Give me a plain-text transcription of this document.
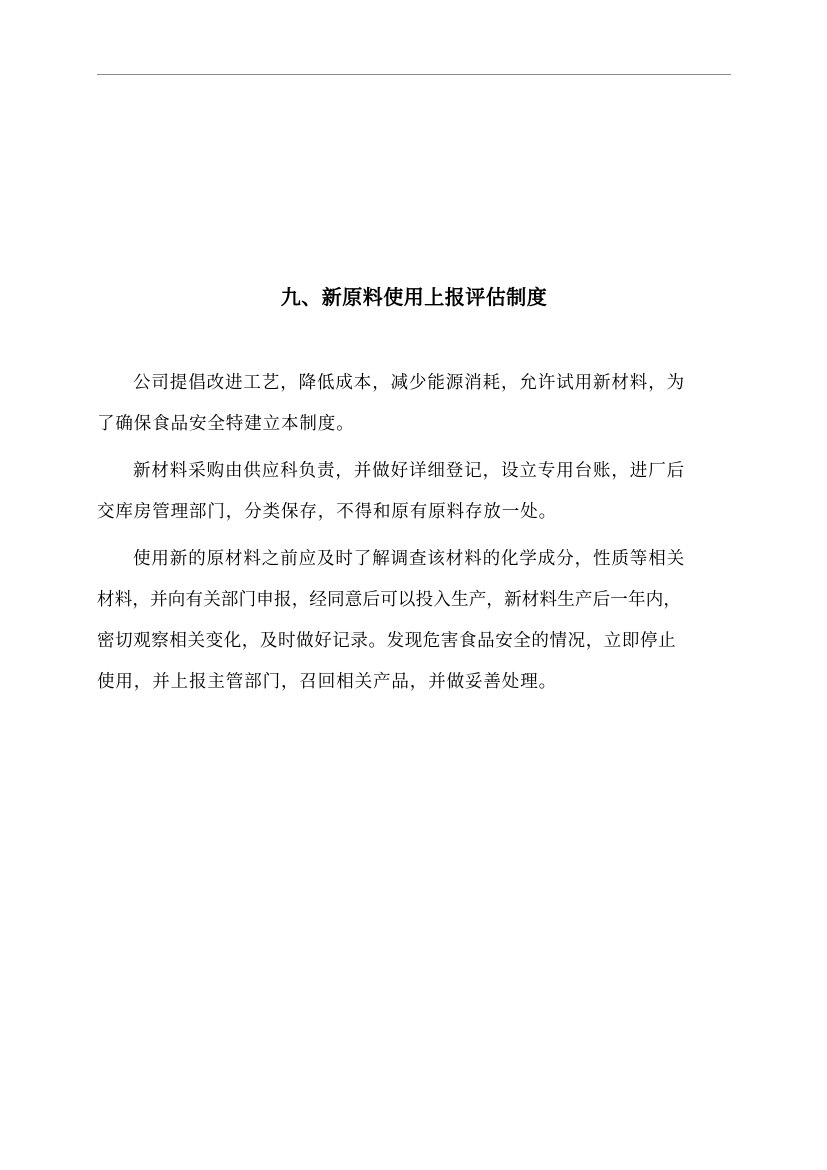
九、新原料使用上报评估制度
公司提倡改进工艺，降低成本，减少能源消耗，允许试用新材料，为
了确保食品安全特建立本制度。
新材料采购由供应科负责，并做好详细登记，设立专用台账，进厂后
交库房管理部门，分类保存，不得和原有原料存放一处。
使用新的原材料之前应及时了解调查该材料的化学成分，性质等相关
材料，并向有关部门申报，经同意后可以投入生产，新材料生产后一年内，
密切观察相关变化，及时做好记录。发现危害食品安全的情况，立即停止
使用，并上报主管部门，召回相关产品，并做妥善处理。
